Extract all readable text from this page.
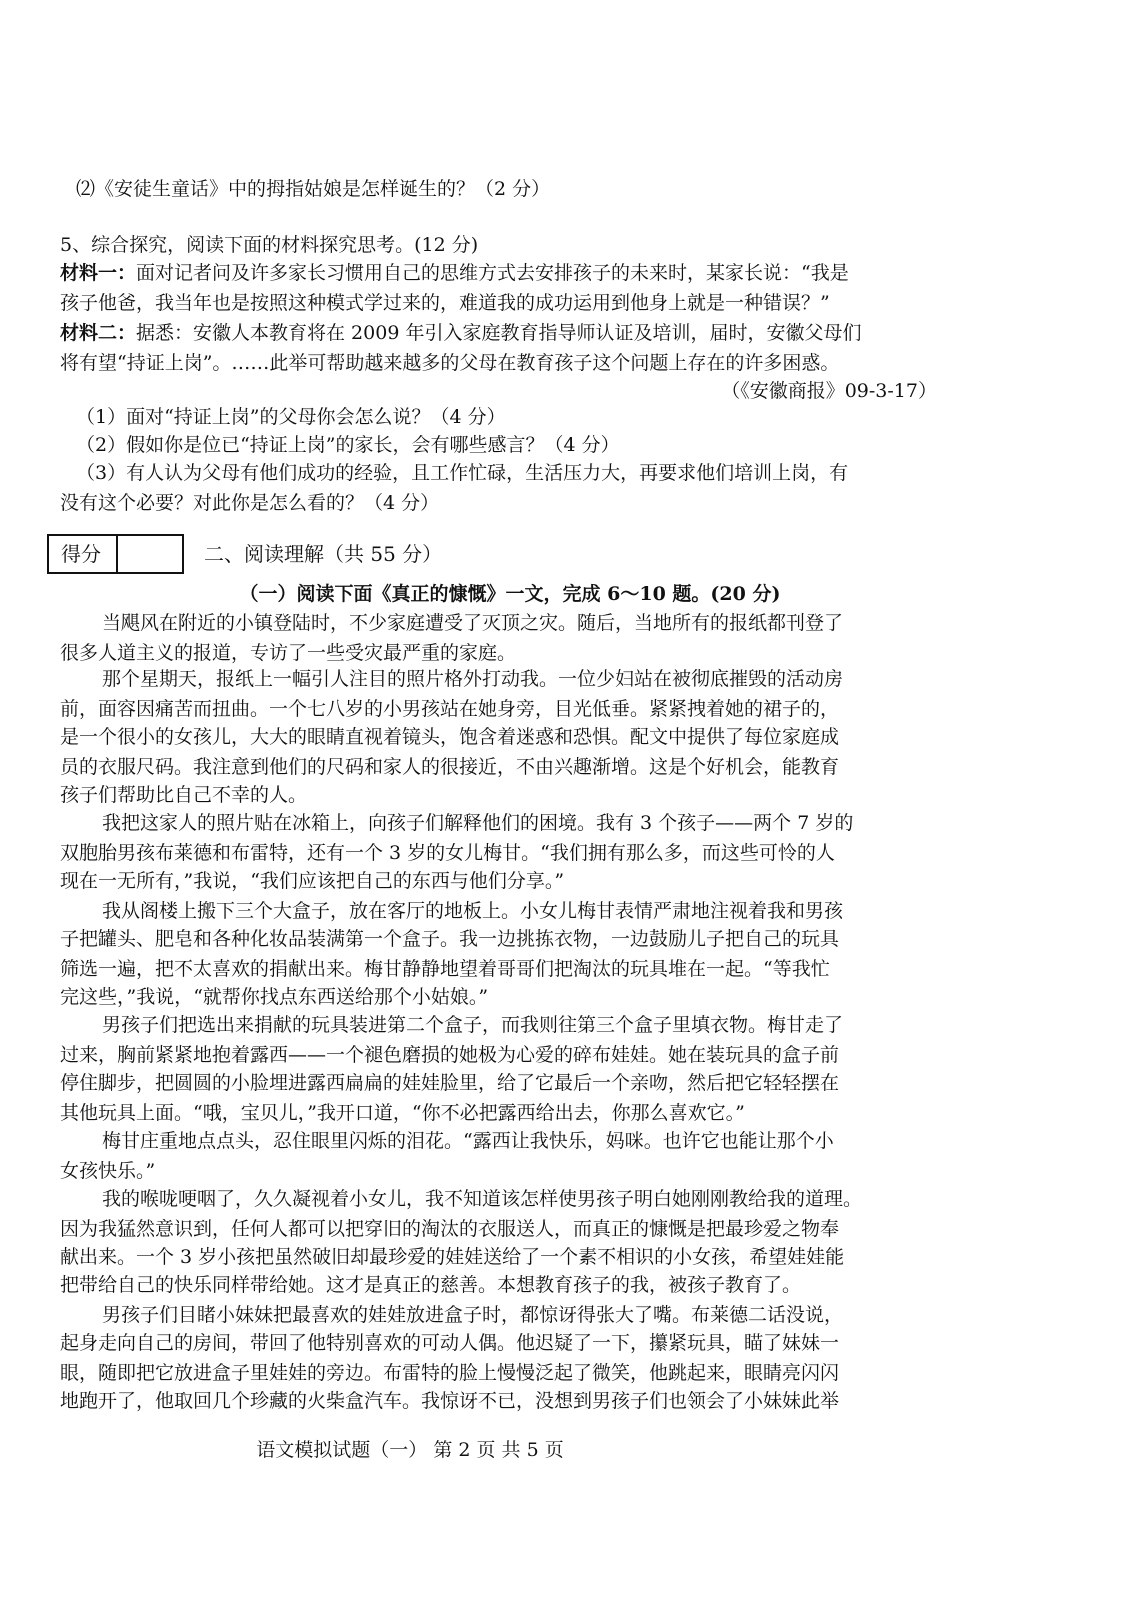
⑵《安徒生童话》中的拇指姑娘是怎样诞生的？（2 分）
5、综合探究，阅读下面的材料探究思考。(12 分)
材料一：面对记者问及许多家长习惯用自己的思维方式去安排孩子的未来时，某家长说：“我是
孩子他爸，我当年也是按照这种模式学过来的，难道我的成功运用到他身上就是一种错误？”
材料二：据悉：安徽人本教育将在 2009 年引入家庭教育指导师认证及培训，届时，安徽父母们
将有望“持证上岗”。……此举可帮助越来越多的父母在教育孩子这个问题上存在的许多困惑。
（《安徽商报》09-3-17）
（1）面对“持证上岗”的父母你会怎么说？（4 分）
（2）假如你是位已“持证上岗”的家长，会有哪些感言？（4 分）
（3）有人认为父母有他们成功的经验，且工作忙碌，生活压力大，再要求他们培训上岗，有
没有这个必要？对此你是怎么看的？（4 分）
得分	二、阅读理解（共 55 分）
（一）阅读下面《真正的慷慨》一文，完成 6～10 题。(20 分)
当飓风在附近的小镇登陆时，不少家庭遭受了灭顶之灾。随后，当地所有的报纸都刊登了
很多人道主义的报道，专访了一些受灾最严重的家庭。
那个星期天，报纸上一幅引人注目的照片格外打动我。一位少妇站在被彻底摧毁的活动房
前，面容因痛苦而扭曲。一个七八岁的小男孩站在她身旁，目光低垂。紧紧拽着她的裙子的，
是一个很小的女孩儿，大大的眼睛直视着镜头，饱含着迷惑和恐惧。配文中提供了每位家庭成
员的衣服尺码。我注意到他们的尺码和家人的很接近，不由兴趣渐增。这是个好机会，能教育
孩子们帮助比自己不幸的人。
我把这家人的照片贴在冰箱上，向孩子们解释他们的困境。我有 3 个孩子——两个 7 岁的
双胞胎男孩布莱德和布雷特，还有一个 3 岁的女儿梅甘。“我们拥有那么多，而这些可怜的人
现在一无所有，”我说，“我们应该把自己的东西与他们分享。”
我从阁楼上搬下三个大盒子，放在客厅的地板上。小女儿梅甘表情严肃地注视着我和男孩
子把罐头、肥皂和各种化妆品装满第一个盒子。我一边挑拣衣物，一边鼓励儿子把自己的玩具
筛选一遍，把不太喜欢的捐献出来。梅甘静静地望着哥哥们把淘汰的玩具堆在一起。“等我忙
完这些，”我说，“就帮你找点东西送给那个小姑娘。”
男孩子们把选出来捐献的玩具装进第二个盒子，而我则往第三个盒子里填衣物。梅甘走了
过来，胸前紧紧地抱着露西——一个褪色磨损的她极为心爱的碎布娃娃。她在装玩具的盒子前
停住脚步，把圆圆的小脸埋进露西扁扁的娃娃脸里，给了它最后一个亲吻，然后把它轻轻摆在
其他玩具上面。“哦，宝贝儿，”我开口道，“你不必把露西给出去，你那么喜欢它。”
梅甘庄重地点点头，忍住眼里闪烁的泪花。“露西让我快乐，妈咪。也许它也能让那个小
女孩快乐。”
我的喉咙哽咽了，久久凝视着小女儿，我不知道该怎样使男孩子明白她刚刚教给我的道理。
因为我猛然意识到，任何人都可以把穿旧的淘汰的衣服送人，而真正的慷慨是把最珍爱之物奉
献出来。一个 3 岁小孩把虽然破旧却最珍爱的娃娃送给了一个素不相识的小女孩，希望娃娃能
把带给自己的快乐同样带给她。这才是真正的慈善。本想教育孩子的我，被孩子教育了。
男孩子们目睹小妹妹把最喜欢的娃娃放进盒子时，都惊讶得张大了嘴。布莱德二话没说，
起身走向自己的房间，带回了他特别喜欢的可动人偶。他迟疑了一下，攥紧玩具，瞄了妹妹一
眼，随即把它放进盒子里娃娃的旁边。布雷特的脸上慢慢泛起了微笑，他跳起来，眼睛亮闪闪
地跑开了，他取回几个珍藏的火柴盒汽车。我惊讶不已，没想到男孩子们也领会了小妹妹此举
语文模拟试题（一） 第 2 页 共 5 页
